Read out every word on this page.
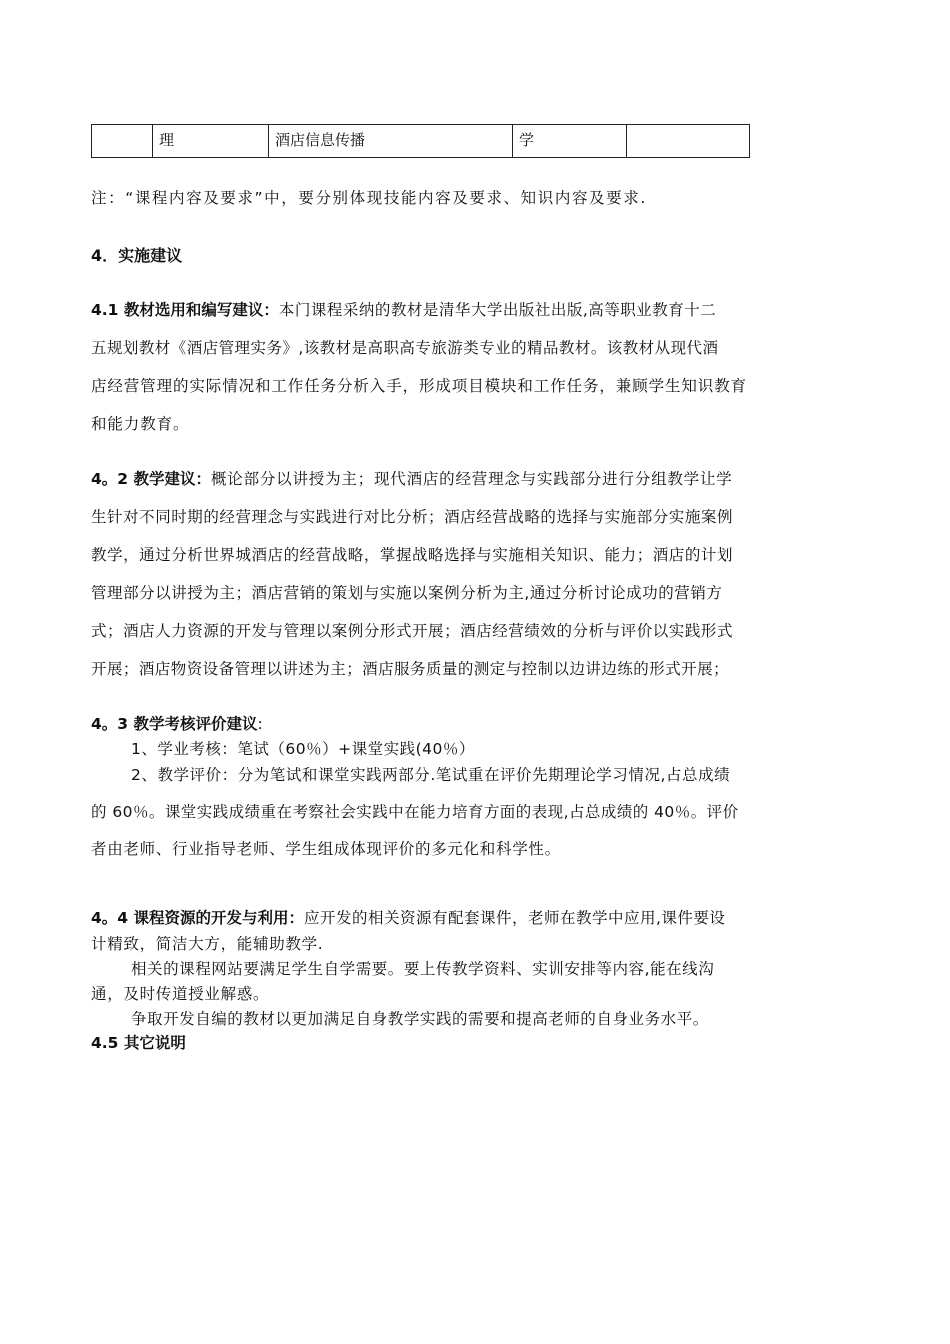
	理	酒店信息传播	学	
注：“课程内容及要求”中，要分别体现技能内容及要求、知识内容及要求.
4．实施建议
4.1 教材选用和编写建议：本门课程采纳的教材是清华大学出版社出版,高等职业教育十二
五规划教材《酒店管理实务》,该教材是高职高专旅游类专业的精品教材。该教材从现代酒
店经营管理的实际情况和工作任务分析入手，形成项目模块和工作任务，兼顾学生知识教育
和能力教育。
4。2 教学建议：概论部分以讲授为主；现代酒店的经营理念与实践部分进行分组教学让学
生针对不同时期的经营理念与实践进行对比分析；酒店经营战略的选择与实施部分实施案例
教学，通过分析世界城酒店的经营战略，掌握战略选择与实施相关知识、能力；酒店的计划
管理部分以讲授为主；酒店营销的策划与实施以案例分析为主,通过分析讨论成功的营销方
式；酒店人力资源的开发与管理以案例分形式开展；酒店经营绩效的分析与评价以实践形式
开展；酒店物资设备管理以讲述为主；酒店服务质量的测定与控制以边讲边练的形式开展；
4。3 教学考核评价建议:
1、学业考核：笔试（60％）+课堂实践(40％）
2、教学评价：分为笔试和课堂实践两部分.笔试重在评价先期理论学习情况,占总成绩
的 60％。课堂实践成绩重在考察社会实践中在能力培育方面的表现,占总成绩的 40％。评价
者由老师、行业指导老师、学生组成体现评价的多元化和科学性。
4。4 课程资源的开发与利用：应开发的相关资源有配套课件，老师在教学中应用,课件要设
计精致，简洁大方，能辅助教学.
相关的课程网站要满足学生自学需要。要上传教学资料、实训安排等内容,能在线沟
通，及时传道授业解惑。
争取开发自编的教材以更加满足自身教学实践的需要和提高老师的自身业务水平。
4.5 其它说明
